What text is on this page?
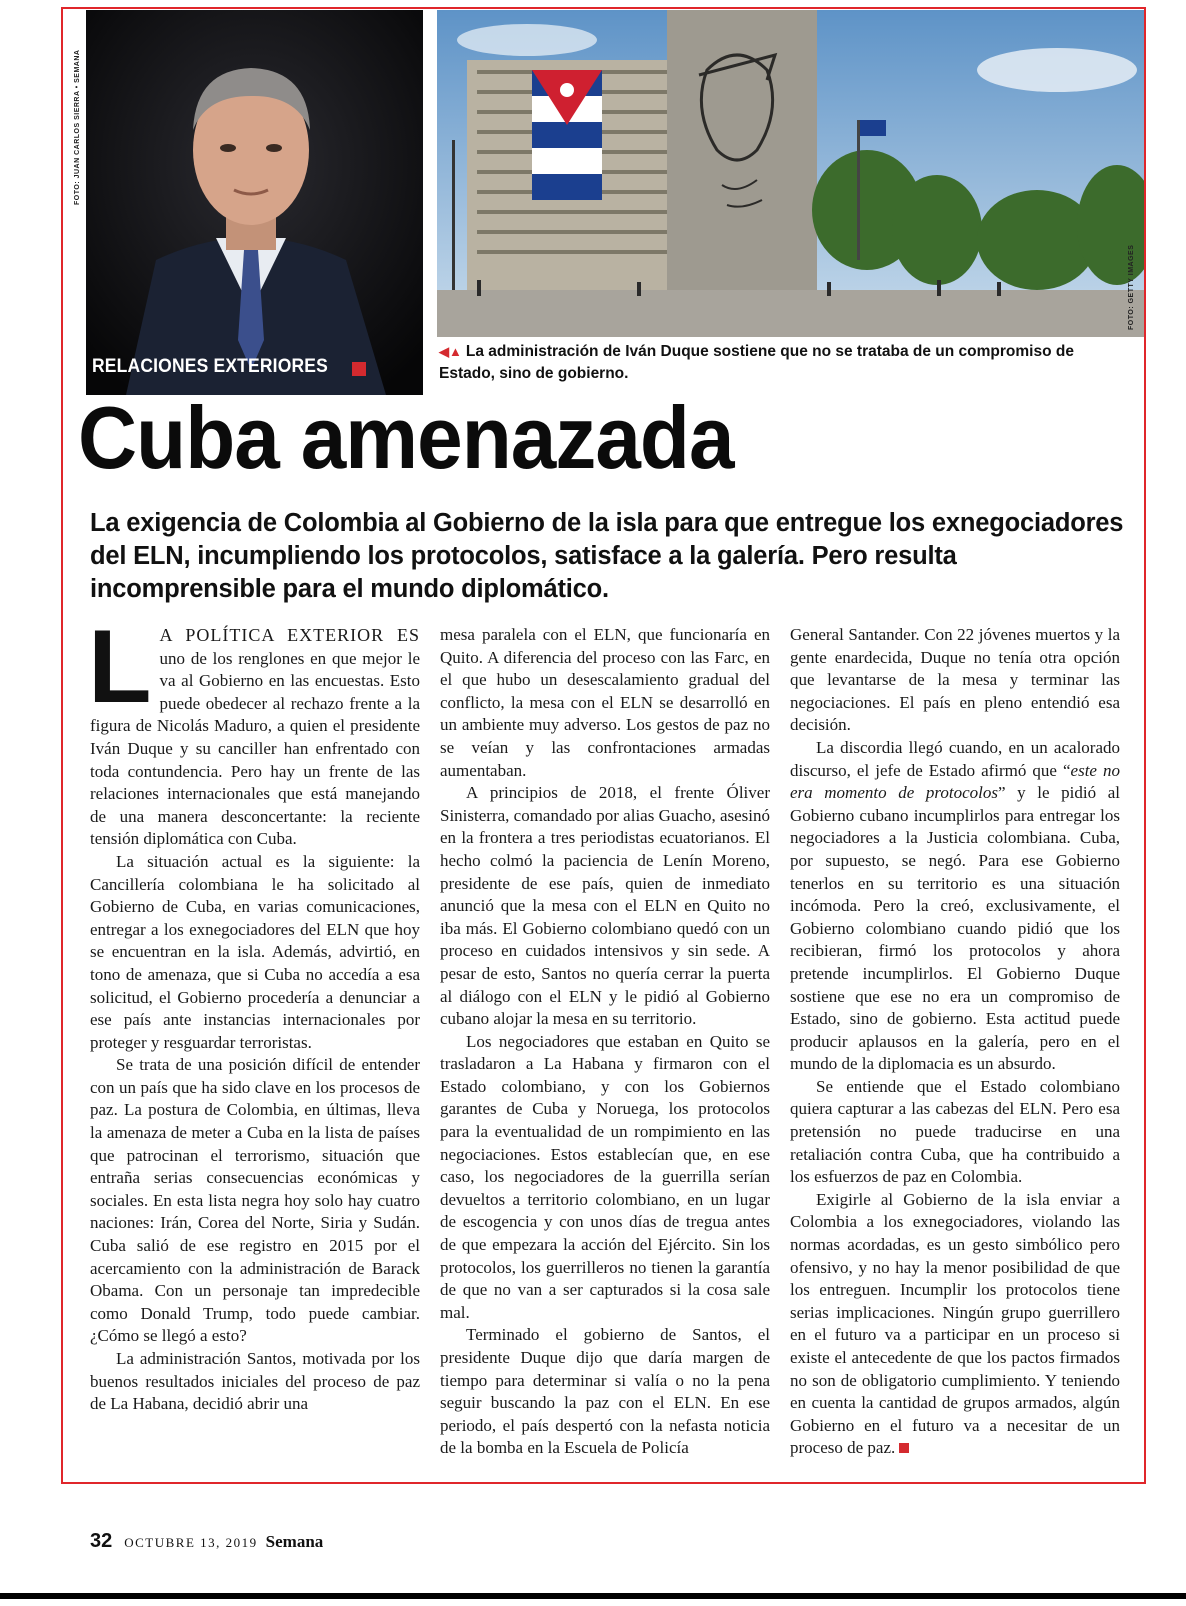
RELACIONES EXTERIORES
FOTO: JUAN CARLOS SIERRA • SEMANA
FOTO: GETTY IMAGES
◀▲ La administración de Iván Duque sostiene que no se trataba de un compromiso de Estado, sino de gobierno.
Cuba amenazada
La exigencia de Colombia al Gobierno de la isla para que entregue los exnegociadores del ELN, incumpliendo los protocolos, satisface a la galería. Pero resulta incomprensible para el mundo diplomático.

L A POLÍTICA EXTERIOR ES uno de los renglones en que mejor le va al Gobierno en las encuestas. Esto puede obedecer al rechazo frente a la figura de Nicolás Maduro, a quien el presidente Iván Duque y su canciller han enfrentado con toda contundencia. Pero hay un frente de las relaciones internacionales que está manejando de una manera desconcertante: la reciente tensión diplomática con Cuba.

La situación actual es la siguiente: la Cancillería colombiana le ha solicitado al Gobierno de Cuba, en varias comunicaciones, entregar a los exnegociadores del ELN que hoy se encuentran en la isla. Además, advirtió, en tono de amenaza, que si Cuba no accedía a esa solicitud, el Gobierno procedería a denunciar a ese país ante instancias internacionales por proteger y resguardar terroristas.

Se trata de una posición difícil de entender con un país que ha sido clave en los procesos de paz. La postura de Colombia, en últimas, lleva la amenaza de meter a Cuba en la lista de países que patrocinan el terrorismo, situación que entraña serias consecuencias económicas y sociales. En esta lista negra hoy solo hay cuatro naciones: Irán, Corea del Norte, Siria y Sudán. Cuba salió de ese registro en 2015 por el acercamiento con la administración de Barack Obama. Con un personaje tan impredecible como Donald Trump, todo puede cambiar. ¿Cómo se llegó a esto?

La administración Santos, motivada por los buenos resultados iniciales del proceso de paz de La Habana, decidió abrir una

mesa paralela con el ELN, que funcionaría en Quito. A diferencia del proceso con las Farc, en el que hubo un desescalamiento gradual del conflicto, la mesa con el ELN se desarrolló en un ambiente muy adverso. Los gestos de paz no se veían y las confrontaciones armadas aumentaban.

A principios de 2018, el frente Óliver Sinisterra, comandado por alias Guacho, asesinó en la frontera a tres periodistas ecuatorianos. El hecho colmó la paciencia de Lenín Moreno, presidente de ese país, quien de inmediato anunció que la mesa con el ELN en Quito no iba más. El Gobierno colombiano quedó con un proceso en cuidados intensivos y sin sede. A pesar de esto, Santos no quería cerrar la puerta al diálogo con el ELN y le pidió al Gobierno cubano alojar la mesa en su territorio.

Los negociadores que estaban en Quito se trasladaron a La Habana y firmaron con el Estado colombiano, y con los Gobiernos garantes de Cuba y Noruega, los protocolos para la eventualidad de un rompimiento en las negociaciones. Estos establecían que, en ese caso, los negociadores de la guerrilla serían devueltos a territorio colombiano, en un lugar de escogencia y con unos días de tregua antes de que empezara la acción del Ejército. Sin los protocolos, los guerrilleros no tienen la garantía de que no van a ser capturados si la cosa sale mal.

Terminado el gobierno de Santos, el presidente Duque dijo que daría margen de tiempo para determinar si valía o no la pena seguir buscando la paz con el ELN. En ese periodo, el país despertó con la nefasta noticia de la bomba en la Escuela de Policía

General Santander. Con 22 jóvenes muertos y la gente enardecida, Duque no tenía otra opción que levantarse de la mesa y terminar las negociaciones. El país en pleno entendió esa decisión.

La discordia llegó cuando, en un acalorado discurso, el jefe de Estado afirmó que “este no era momento de protocolos” y le pidió al Gobierno cubano incumplirlos para entregar los negociadores a la Justicia colombiana. Cuba, por supuesto, se negó. Para ese Gobierno tenerlos en su territorio es una situación incómoda. Pero la creó, exclusivamente, el Gobierno colombiano cuando pidió que los recibieran, firmó los protocolos y ahora pretende incumplirlos. El Gobierno Duque sostiene que ese no era un compromiso de Estado, sino de gobierno. Esta actitud puede producir aplausos en la galería, pero en el mundo de la diplomacia es un absurdo.

Se entiende que el Estado colombiano quiera capturar a las cabezas del ELN. Pero esa pretensión no puede traducirse en una retaliación contra Cuba, que ha contribuido a los esfuerzos de paz en Colombia.

Exigirle al Gobierno de la isla enviar a Colombia a los exnegociadores, violando las normas acordadas, es un gesto simbólico pero ofensivo, y no hay la menor posibilidad de que los entreguen. Incumplir los protocolos tiene serias implicaciones. Ningún grupo guerrillero en el futuro va a participar en un proceso si existe el antecedente de que los pactos firmados no son de obligatorio cumplimiento. Y teniendo en cuenta la cantidad de grupos armados, algún Gobierno en el futuro va a necesitar de un proceso de paz.

32 OCTUBRE 13, 2019 Semana
